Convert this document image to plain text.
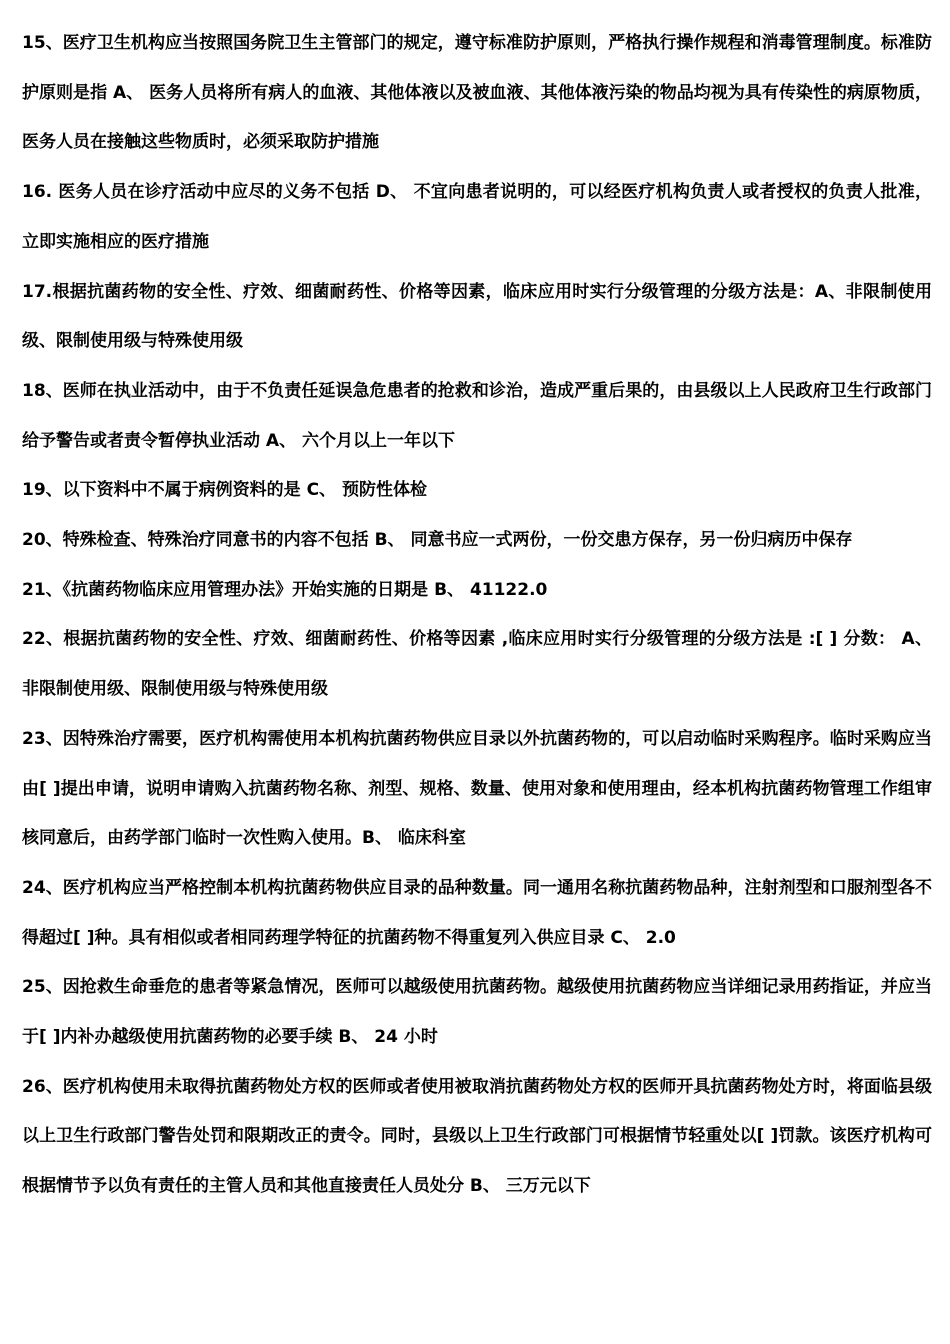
15、医疗卫生机构应当按照国务院卫生主管部门的规定，遵守标准防护原则，严格执行操作规程和消毒管理制度。标准防护原则是指 A、 医务人员将所有病人的血液、其他体液以及被血液、其他体液污染的物品均视为具有传染性的病原物质，医务人员在接触这些物质时，必须采取防护措施

16. 医务人员在诊疗活动中应尽的义务不包括 D、 不宜向患者说明的，可以经医疗机构负责人或者授权的负责人批准，立即实施相应的医疗措施

17.根据抗菌药物的安全性、疗效、细菌耐药性、价格等因素，临床应用时实行分级管理的分级方法是：A、非限制使用级、限制使用级与特殊使用级

18、医师在执业活动中，由于不负责任延误急危患者的抢救和诊治，造成严重后果的，由县级以上人民政府卫生行政部门给予警告或者责令暂停执业活动 A、 六个月以上一年以下

19、以下资料中不属于病例资料的是 C、 预防性体检

20、特殊检查、特殊治疗同意书的内容不包括 B、 同意书应一式两份，一份交患方保存，另一份归病历中保存

21、《抗菌药物临床应用管理办法》开始实施的日期是 B、 41122.0

22、根据抗菌药物的安全性、疗效、细菌耐药性、价格等因素 ,临床应用时实行分级管理的分级方法是 :[ ] 分数： A、 非限制使用级、限制使用级与特殊使用级

23、因特殊治疗需要，医疗机构需使用本机构抗菌药物供应目录以外抗菌药物的，可以启动临时采购程序。临时采购应当由[ ]提出申请，说明申请购入抗菌药物名称、剂型、规格、数量、使用对象和使用理由，经本机构抗菌药物管理工作组审核同意后，由药学部门临时一次性购入使用。B、 临床科室

24、医疗机构应当严格控制本机构抗菌药物供应目录的品种数量。同一通用名称抗菌药物品种，注射剂型和口服剂型各不得超过[ ]种。具有相似或者相同药理学特征的抗菌药物不得重复列入供应目录 C、 2.0

25、因抢救生命垂危的患者等紧急情况，医师可以越级使用抗菌药物。越级使用抗菌药物应当详细记录用药指证，并应当于[ ]内补办越级使用抗菌药物的必要手续 B、 24 小时

26、医疗机构使用未取得抗菌药物处方权的医师或者使用被取消抗菌药物处方权的医师开具抗菌药物处方时，将面临县级以上卫生行政部门警告处罚和限期改正的责令。同时，县级以上卫生行政部门可根据情节轻重处以[ ]罚款。该医疗机构可根据情节予以负有责任的主管人员和其他直接责任人员处分 B、 三万元以下
